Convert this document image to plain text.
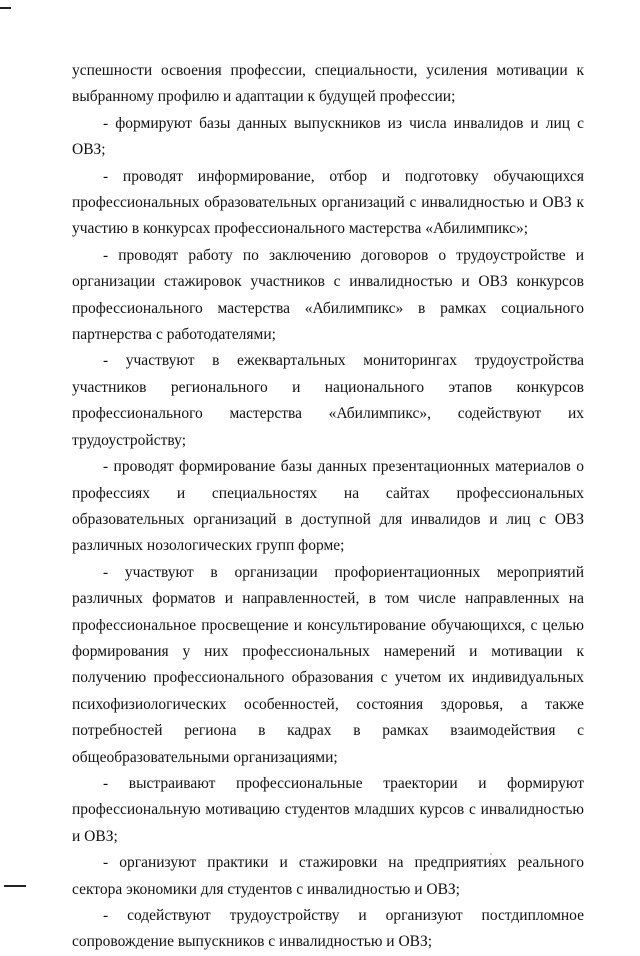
успешности освоения профессии, специальности, усиления мотивации к выбранному профилю и адаптации к будущей профессии;

- формируют базы данных выпускников из числа инвалидов и лиц с ОВЗ;

- проводят информирование, отбор и подготовку обучающихся профессиональных образовательных организаций с инвалидностью и ОВЗ к участию в конкурсах профессионального мастерства «Абилимпикс»;

- проводят работу по заключению договоров о трудоустройстве и организации стажировок участников с инвалидностью и ОВЗ конкурсов профессионального мастерства «Абилимпикс» в рамках социального партнерства с работодателями;

- участвуют в ежеквартальных мониторингах трудоустройства участников регионального и национального этапов конкурсов профессионального мастерства «Абилимпикс», содействуют их трудоустройству;

- проводят формирование базы данных презентационных материалов о профессиях и специальностях на сайтах профессиональных образовательных организаций в доступной для инвалидов и лиц с ОВЗ различных нозологических групп форме;

- участвуют в организации профориентационных мероприятий различных форматов и направленностей, в том числе направленных на профессиональное просвещение и консультирование обучающихся, с целью формирования у них профессиональных намерений и мотивации к получению профессионального образования с учетом их индивидуальных психофизиологических особенностей, состояния здоровья, а также потребностей региона в кадрах в рамках взаимодействия с общеобразовательными организациями;

- выстраивают профессиональные траектории и формируют профессиональную мотивацию студентов младших курсов с инвалидностью и ОВЗ;

- организуют практики и стажировки на предприятиях реального сектора экономики для студентов с инвалидностью и ОВЗ;

- содействуют трудоустройству и организуют постдипломное сопровождение выпускников с инвалидностью и ОВЗ;
